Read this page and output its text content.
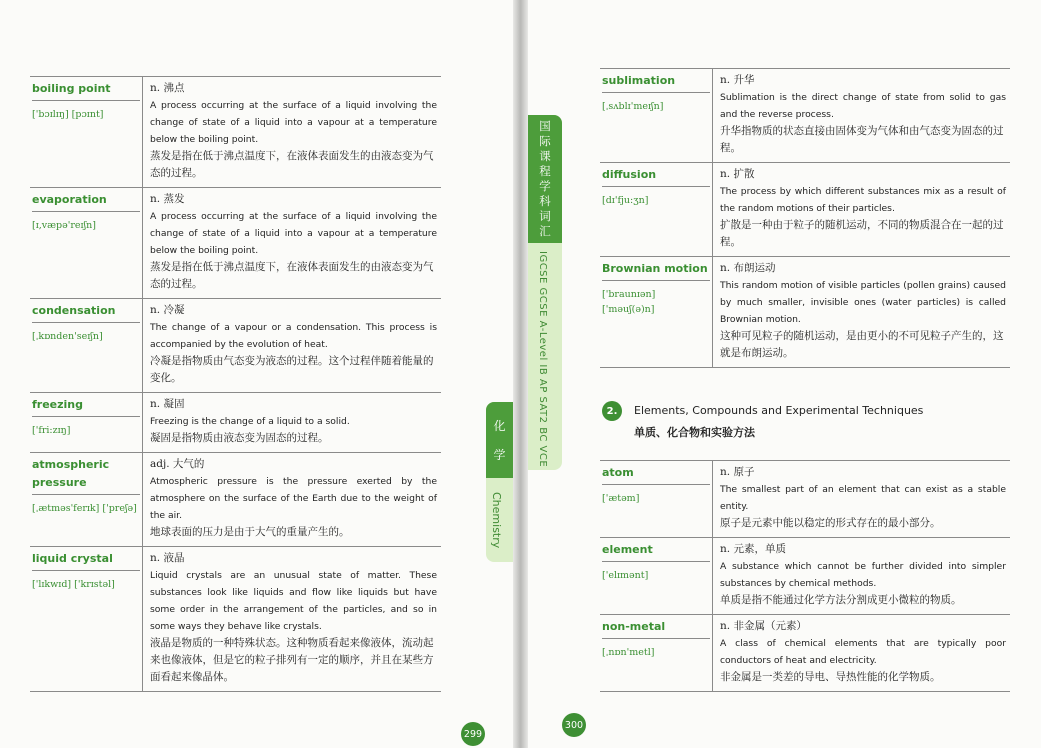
boiling point
['bɔɪlɪŋ] [pɔɪnt]
n. 沸点
A process occurring at the surface of a liquid involving the change of state of a liquid into a vapour at a temperature below the boiling point.
蒸发是指在低于沸点温度下，在液体表面发生的由液态变为气态的过程。
evaporation
[ɪ,væpə'reɪʃn]
n. 蒸发
A process occurring at the surface of a liquid involving the change of state of a liquid into a vapour at a temperature below the boiling point.
蒸发是指在低于沸点温度下，在液体表面发生的由液态变为气态的过程。
condensation
[ˌkɒnden'seɪʃn]
n. 冷凝
The change of a vapour or a condensation. This process is accompanied by the evolution of heat.
冷凝是指物质由气态变为液态的过程。这个过程伴随着能量的变化。
freezing
['fri:zɪŋ]
n. 凝固
Freezing is the change of a liquid to a solid.
凝固是指物质由液态变为固态的过程。
atmospheric pressure
[ˌætməs'ferɪk] ['preʃə]
adj. 大气的
Atmospheric pressure is the pressure exerted by the atmosphere on the surface of the Earth due to the weight of the air.
地球表面的压力是由于大气的重量产生的。
liquid crystal
['lɪkwɪd] ['krɪstəl]
n. 液晶
Liquid crystals are an unusual state of matter. These substances look like liquids and flow like liquids but have some order in the arrangement of the particles, and so in some ways they behave like crystals.
液晶是物质的一种特殊状态。这种物质看起来像液体，流动起来也像液体，但是它的粒子排列有一定的顺序，并且在某些方面看起来像晶体。
化
学
Chemistry
299
国
际
课
程
学
科
词
汇
IGCSE GCSE A-Level IB AP SAT2 BC VCE
sublimation
[ˌsʌblɪ'meɪʃn]
n. 升华
Sublimation is the direct change of state from solid to gas and the reverse process.
升华指物质的状态直接由固体变为气体和由气态变为固态的过程。
diffusion
[dɪ'fju:ʒn]
n. 扩散
The process by which different substances mix as a result of the random motions of their particles.
扩散是一种由于粒子的随机运动，不同的物质混合在一起的过程。
Brownian motion
['braunɪən] ['məuʃ(ə)n]
n. 布朗运动
This random motion of visible particles (pollen grains) caused by much smaller, invisible ones (water particles) is called Brownian motion.
这种可见粒子的随机运动，是由更小的不可见粒子产生的，这就是布朗运动。
2.	Elements, Compounds and Experimental Techniques
单质、化合物和实验方法
atom
['ætəm]
n. 原子
The smallest part of an element that can exist as a stable entity.
原子是元素中能以稳定的形式存在的最小部分。
element
['elɪmənt]
n. 元素，单质
A substance which cannot be further divided into simpler substances by chemical methods.
单质是指不能通过化学方法分割成更小微粒的物质。
non-metal
[ˌnɒn'metl]
n. 非金属（元素）
A class of chemical elements that are typically poor conductors of heat and electricity.
非金属是一类差的导电、导热性能的化学物质。
300
